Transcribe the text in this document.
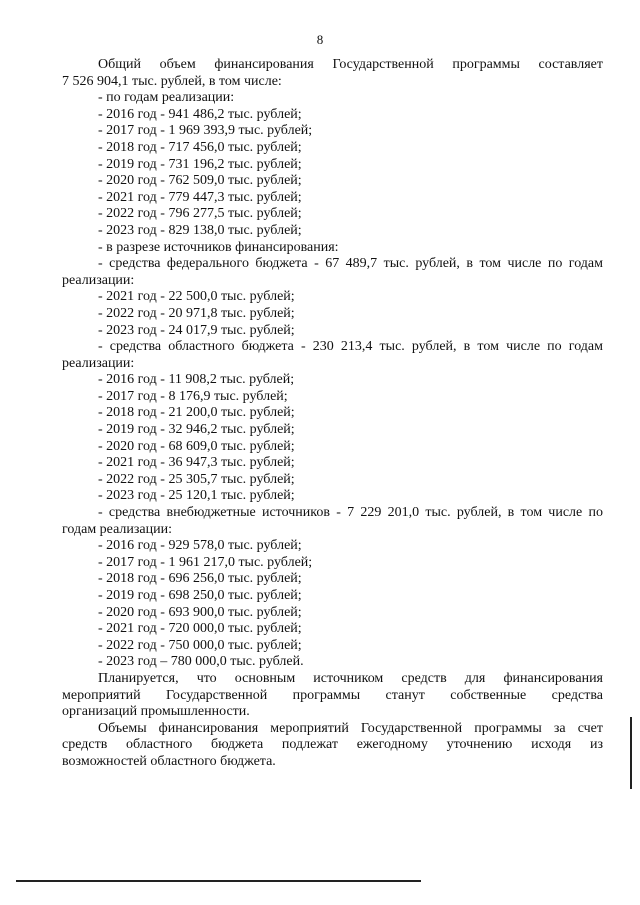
8

Общий объем финансирования Государственной программы составляет

7 526 904,1 тыс. рублей, в том числе:

- по годам реализации:

- 2016 год - 941 486,2 тыс. рублей;

- 2017 год - 1 969 393,9 тыс. рублей;

- 2018 год - 717 456,0 тыс. рублей;

- 2019 год - 731 196,2 тыс. рублей;

- 2020 год - 762 509,0 тыс. рублей;

- 2021 год - 779 447,3 тыс. рублей;

- 2022 год - 796 277,5 тыс. рублей;

- 2023 год - 829 138,0 тыс. рублей;

- в разрезе источников финансирования:

- средства федерального бюджета - 67 489,7 тыс. рублей, в том числе по годам

реализации:

- 2021 год - 22 500,0 тыс. рублей;

- 2022 год - 20 971,8 тыс. рублей;

- 2023 год - 24 017,9 тыс. рублей;

- средства областного бюджета - 230 213,4 тыс. рублей, в том числе по годам

реализации:

- 2016 год - 11 908,2 тыс. рублей;

- 2017 год - 8 176,9 тыс. рублей;

- 2018 год - 21 200,0 тыс. рублей;

- 2019 год - 32 946,2 тыс. рублей;

- 2020 год - 68 609,0 тыс. рублей;

- 2021 год - 36 947,3 тыс. рублей;

- 2022 год - 25 305,7 тыс. рублей;

- 2023 год - 25 120,1 тыс. рублей;

- средства внебюджетные источников - 7 229 201,0 тыс. рублей, в том числе по

годам реализации:

- 2016 год - 929 578,0 тыс. рублей;

- 2017 год - 1 961 217,0 тыс. рублей;

- 2018 год - 696 256,0 тыс. рублей;

- 2019 год - 698 250,0 тыс. рублей;

- 2020 год - 693 900,0 тыс. рублей;

- 2021 год - 720 000,0 тыс. рублей;

- 2022 год - 750 000,0 тыс. рублей;

- 2023 год – 780 000,0 тыс. рублей.

Планируется, что основным источником средств для финансирования

мероприятий Государственной программы станут собственные средства

организаций промышленности.

Объемы финансирования мероприятий Государственной программы за счет

средств областного бюджета подлежат ежегодному уточнению исходя из

возможностей областного бюджета.
